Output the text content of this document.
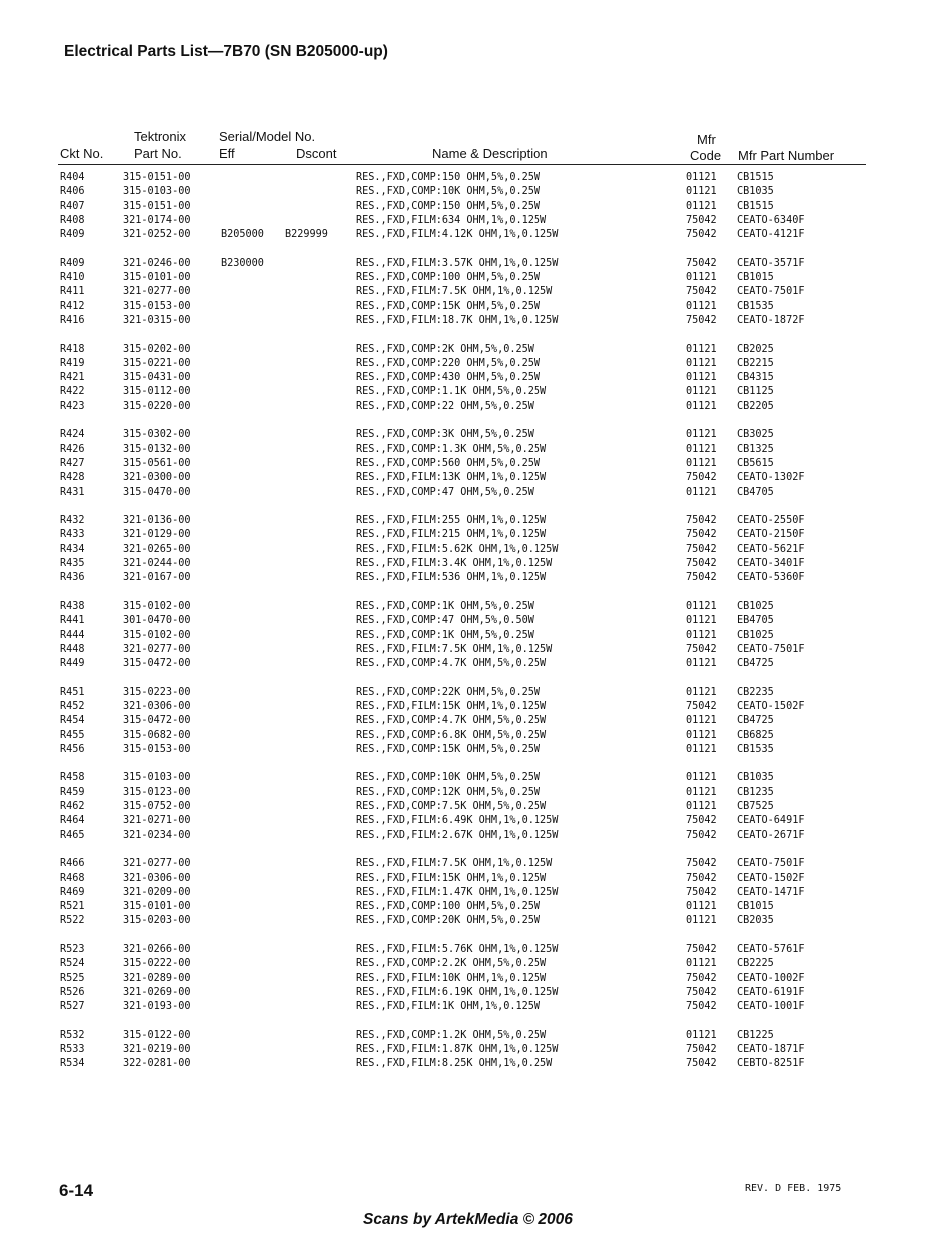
Electrical Parts List—7B70 (SN B205000-up)
Ckt No.
Tektronix
Part No.
Serial/Model No.
Eff	Dscont	Name & Description
Mfr
Code Mfr Part Number
R404	315-0151-00	RES.,FXD,COMP:150 OHM,5%,0.25W	01121 CB1515
R406	315-0103-00	RES.,FXD,COMP:10K OHM,5%,0.25W	01121 CB1035
R407	315-0151-00	RES.,FXD,COMP:150 OHM,5%,0.25W	01121 CB1515
R408	321-0174-00	RES.,FXD,FILM:634 OHM,1%,0.125W	75042 CEATO-6340F
R409	321-0252-00	B205000 B229999	RES.,FXD,FILM:4.12K OHM,1%,0.125W	75042 CEATO-4121F
R409	321-0246-00	B230000	RES.,FXD,FILM:3.57K OHM,1%,0.125W	75042 CEATO-3571F
R410	315-0101-00	RES.,FXD,COMP:100 OHM,5%,0.25W	01121 CB1015
R411	321-0277-00	RES.,FXD,FILM:7.5K OHM,1%,0.125W	75042 CEATO-7501F
R412	315-0153-00	RES.,FXD,COMP:15K OHM,5%,0.25W	01121 CB1535
R416	321-0315-00	RES.,FXD,FILM:18.7K OHM,1%,0.125W	75042 CEATO-1872F
R418	315-0202-00	RES.,FXD,COMP:2K OHM,5%,0.25W	01121 CB2025
R419	315-0221-00	RES.,FXD,COMP:220 OHM,5%,0.25W	01121 CB2215
R421	315-0431-00	RES.,FXD,COMP:430 OHM,5%,0.25W	01121 CB4315
R422	315-0112-00	RES.,FXD,COMP:1.1K OHM,5%,0.25W	01121 CB1125
R423	315-0220-00	RES.,FXD,COMP:22 OHM,5%,0.25W	01121 CB2205
R424	315-0302-00	RES.,FXD,COMP:3K OHM,5%,0.25W	01121 CB3025
R426	315-0132-00	RES.,FXD,COMP:1.3K OHM,5%,0.25W	01121 CB1325
R427	315-0561-00	RES.,FXD,COMP:560 OHM,5%,0.25W	01121 CB5615
R428	321-0300-00	RES.,FXD,FILM:13K OHM,1%,0.125W	75042 CEATO-1302F
R431	315-0470-00	RES.,FXD,COMP:47 OHM,5%,0.25W	01121 CB4705
R432	321-0136-00	RES.,FXD,FILM:255 OHM,1%,0.125W	75042 CEATO-2550F
R433	321-0129-00	RES.,FXD,FILM:215 OHM,1%,0.125W	75042 CEATO-2150F
R434	321-0265-00	RES.,FXD,FILM:5.62K OHM,1%,0.125W	75042 CEATO-5621F
R435	321-0244-00	RES.,FXD,FILM:3.4K OHM,1%,0.125W	75042 CEATO-3401F
R436	321-0167-00	RES.,FXD,FILM:536 OHM,1%,0.125W	75042 CEATO-5360F
R438	315-0102-00	RES.,FXD,COMP:1K OHM,5%,0.25W	01121 CB1025
R441	301-0470-00	RES.,FXD,COMP:47 OHM,5%,0.50W	01121 EB4705
R444	315-0102-00	RES.,FXD,COMP:1K OHM,5%,0.25W	01121 CB1025
R448	321-0277-00	RES.,FXD,FILM:7.5K OHM,1%,0.125W	75042 CEATO-7501F
R449	315-0472-00	RES.,FXD,COMP:4.7K OHM,5%,0.25W	01121 CB4725
R451	315-0223-00	RES.,FXD,COMP:22K OHM,5%,0.25W	01121 CB2235
R452	321-0306-00	RES.,FXD,FILM:15K OHM,1%,0.125W	75042 CEATO-1502F
R454	315-0472-00	RES.,FXD,COMP:4.7K OHM,5%,0.25W	01121 CB4725
R455	315-0682-00	RES.,FXD,COMP:6.8K OHM,5%,0.25W	01121 CB6825
R456	315-0153-00	RES.,FXD,COMP:15K OHM,5%,0.25W	01121 CB1535
R458	315-0103-00	RES.,FXD,COMP:10K OHM,5%,0.25W	01121 CB1035
R459	315-0123-00	RES.,FXD,COMP:12K OHM,5%,0.25W	01121 CB1235
R462	315-0752-00	RES.,FXD,COMP:7.5K OHM,5%,0.25W	01121 CB7525
R464	321-0271-00	RES.,FXD,FILM:6.49K OHM,1%,0.125W	75042 CEATO-6491F
R465	321-0234-00	RES.,FXD,FILM:2.67K OHM,1%,0.125W	75042 CEATO-2671F
R466	321-0277-00	RES.,FXD,FILM:7.5K OHM,1%,0.125W	75042 CEATO-7501F
R468	321-0306-00	RES.,FXD,FILM:15K OHM,1%,0.125W	75042 CEATO-1502F
R469	321-0209-00	RES.,FXD,FILM:1.47K OHM,1%,0.125W	75042 CEATO-1471F
R521	315-0101-00	RES.,FXD,COMP:100 OHM,5%,0.25W	01121 CB1015
R522	315-0203-00	RES.,FXD,COMP:20K OHM,5%,0.25W	01121 CB2035
R523	321-0266-00	RES.,FXD,FILM:5.76K OHM,1%,0.125W	75042 CEATO-5761F
R524	315-0222-00	RES.,FXD,COMP:2.2K OHM,5%,0.25W	01121 CB2225
R525	321-0289-00	RES.,FXD,FILM:10K OHM,1%,0.125W	75042 CEATO-1002F
R526	321-0269-00	RES.,FXD,FILM:6.19K OHM,1%,0.125W	75042 CEATO-6191F
R527	321-0193-00	RES.,FXD,FILM:1K OHM,1%,0.125W	75042 CEATO-1001F
R532	315-0122-00	RES.,FXD,COMP:1.2K OHM,5%,0.25W	01121 CB1225
R533	321-0219-00	RES.,FXD,FILM:1.87K OHM,1%,0.125W	75042 CEATO-1871F
R534	322-0281-00	RES.,FXD,FILM:8.25K OHM,1%,0.25W	75042 CEBTO-8251F
6-14	REV. D FEB. 1975
Scans by ArtekMedia © 2006
